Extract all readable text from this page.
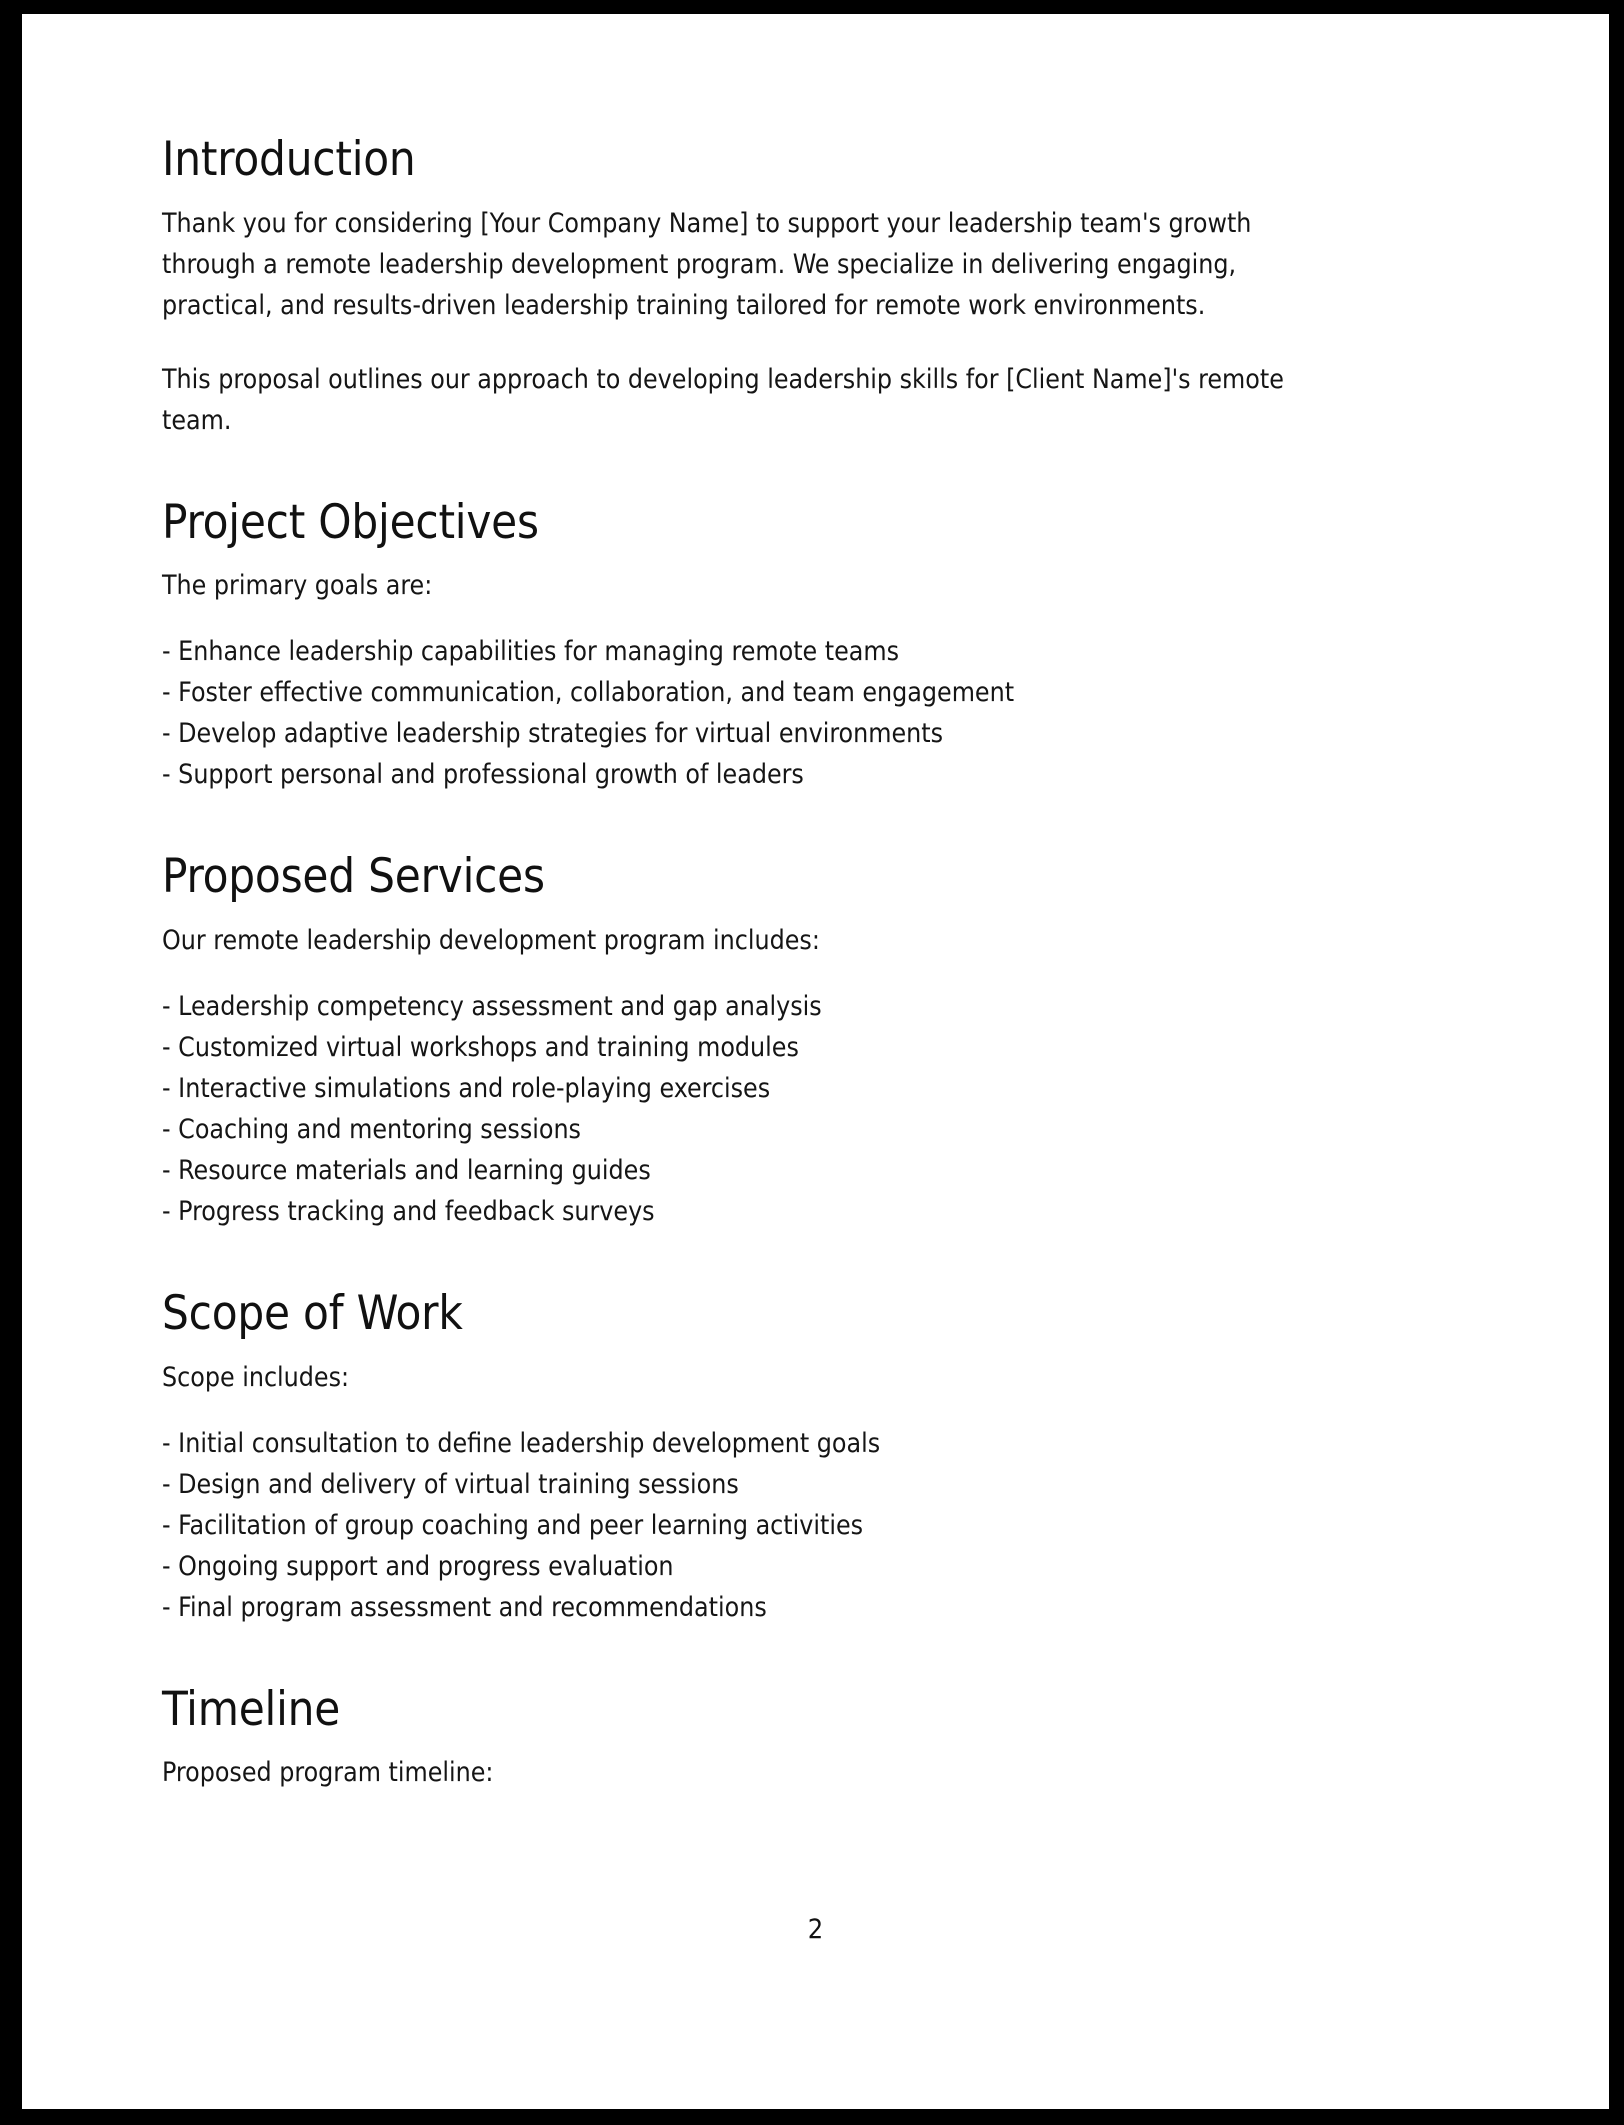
Introduction

Thank you for considering [Your Company Name] to support your leadership team's growth through a remote leadership development program. We specialize in delivering engaging, practical, and results-driven leadership training tailored for remote work environments.

This proposal outlines our approach to developing leadership skills for [Client Name]'s remote team.

Project Objectives

The primary goals are:

- Enhance leadership capabilities for managing remote teams
- Foster effective communication, collaboration, and team engagement
- Develop adaptive leadership strategies for virtual environments
- Support personal and professional growth of leaders
Proposed Services

Our remote leadership development program includes:

- Leadership competency assessment and gap analysis
- Customized virtual workshops and training modules
- Interactive simulations and role-playing exercises
- Coaching and mentoring sessions
- Resource materials and learning guides
- Progress tracking and feedback surveys
Scope of Work

Scope includes:

- Initial consultation to define leadership development goals
- Design and delivery of virtual training sessions
- Facilitation of group coaching and peer learning activities
- Ongoing support and progress evaluation
- Final program assessment and recommendations
Timeline

Proposed program timeline:

2
